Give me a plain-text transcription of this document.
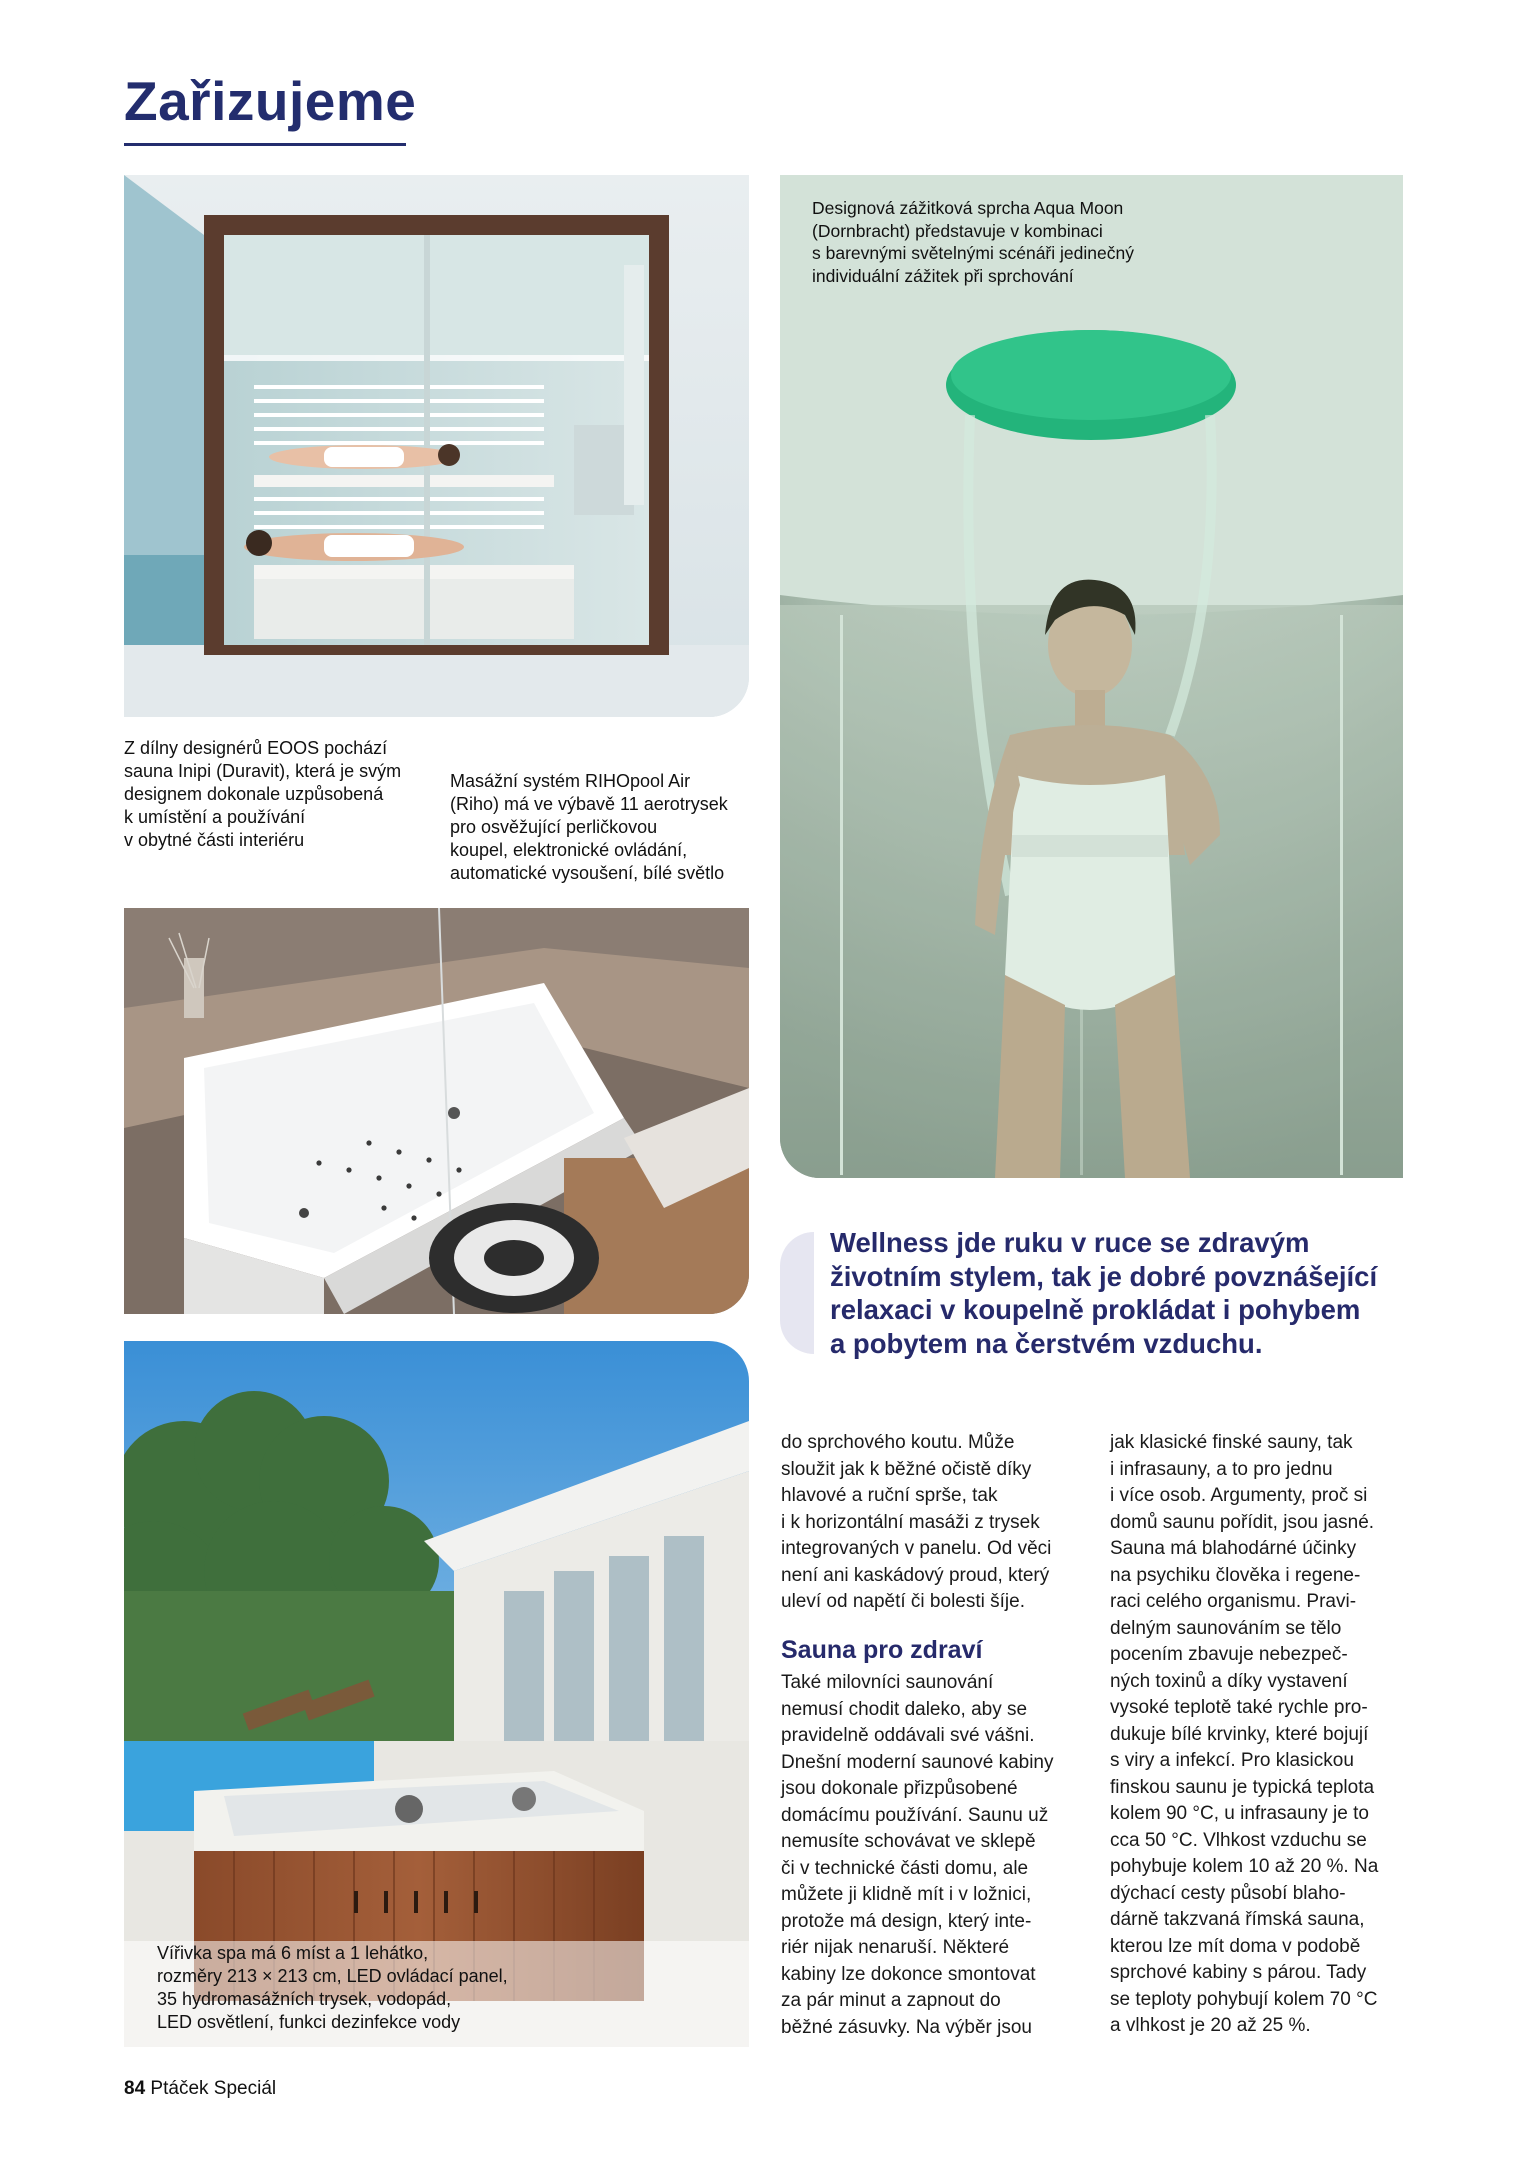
Zařizujeme

Z dílny designérů EOOS pochází
sauna Inipi (Duravit), která je svým
designem dokonale uzpůsobená
k umístění a používání
v obytné části interiéru

Masážní systém RIHOpool Air
(Riho) má ve výbavě 11 aerotrysek
pro osvěžující perličkovou
koupel, elektronické ovládání,
automatické vysoušení, bílé světlo

Designová zážitková sprcha Aqua Moon
(Dornbracht) představuje v kombinaci
s barevnými světelnými scénáři jedinečný
individuální zážitek při sprchování

Wellness jde ruku v ruce se zdravým
životním stylem, tak je dobré povznášející
relaxaci v koupelně prokládat i pohybem
a pobytem na čerstvém vzduchu.

Vířivka spa má 6 míst a 1 lehátko,
rozměry 213 × 213 cm, LED ovládací panel,
35 hydromasážních trysek, vodopád,
LED osvětlení, funkci dezinfekce vody

do sprchového koutu. Může
sloužit jak k běžné očistě díky
hlavové a ruční sprše, tak
i k horizontální masáži z trysek
integrovaných v panelu. Od věci
není ani kaskádový proud, který
uleví od napětí či bolesti šíje.

Sauna pro zdraví

Také milovníci saunování
nemusí chodit daleko, aby se
pravidelně oddávali své vášni.
Dnešní moderní saunové kabiny
jsou dokonale přizpůsobené
domácímu používání. Saunu už
nemusíte schovávat ve sklepě
či v technické části domu, ale
můžete ji klidně mít i v ložnici,
protože má design, který inte-
riér nijak nenaruší. Některé
kabiny lze dokonce smontovat
za pár minut a zapnout do
běžné zásuvky. Na výběr jsou

jak klasické finské sauny, tak
i infrasauny, a to pro jednu
i více osob. Argumenty, proč si
domů saunu pořídit, jsou jasné.
Sauna má blahodárné účinky
na psychiku člověka i regene-
raci celého organismu. Pravi-
delným saunováním se tělo
pocením zbavuje nebezpeč-
ných toxinů a díky vystavení
vysoké teplotě také rychle pro-
dukuje bílé krvinky, které bojují
s viry a infekcí. Pro klasickou
finskou saunu je typická teplota
kolem 90 °C, u infrasauny je to
cca 50 °C. Vlhkost vzduchu se
pohybuje kolem 10 až 20 %. Na
dýchací cesty působí blaho-
dárně takzvaná římská sauna,
kterou lze mít doma v podobě
sprchové kabiny s párou. Tady
se teploty pohybují kolem 70 °C
a vlhkost je 20 až 25 %.

84 Ptáček Speciál
